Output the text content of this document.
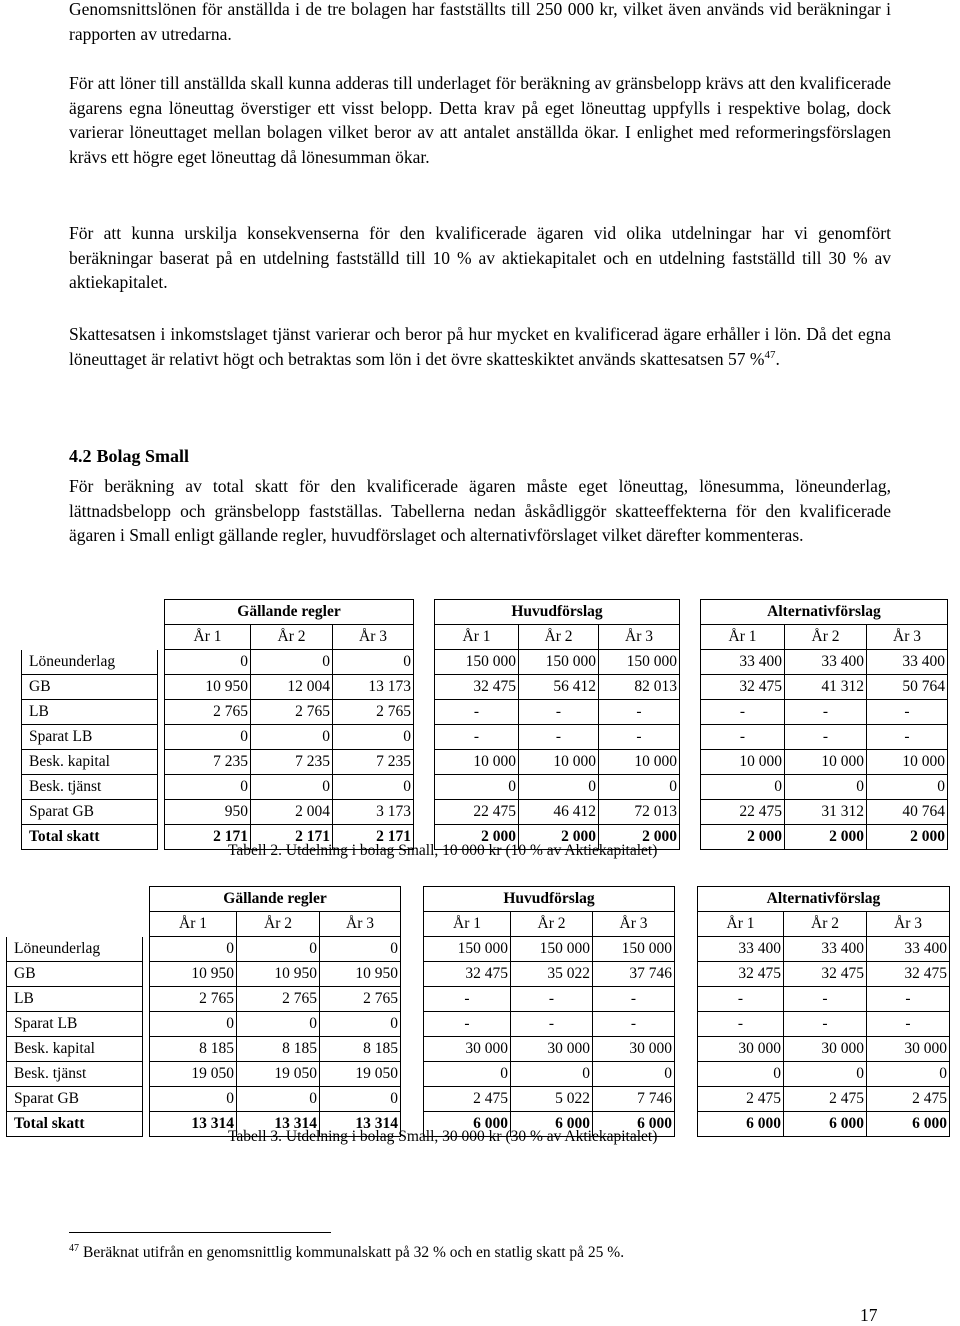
Genomsnittslönen för anställda i de tre bolagen har fastställts till 250 000 kr, vilket även används vid beräkningar i rapporten av utredarna.

För att löner till anställda skall kunna adderas till underlaget för beräkning av gränsbelopp krävs att den kvalificerade ägarens egna löneuttag överstiger ett visst belopp. Detta krav på eget löneuttag uppfylls i respektive bolag, dock varierar löneuttaget mellan bolagen vilket beror av att antalet anställda ökar. I enlighet med reformeringsförslagen krävs ett högre eget löneuttag då lönesumman ökar.

För att kunna urskilja konsekvenserna för den kvalificerade ägaren vid olika utdelningar har vi genomfört beräkningar baserat på en utdelning fastställd till 10 % av aktiekapitalet och en utdelning fastställd till 30 % av aktiekapitalet.

Skattesatsen i inkomstslaget tjänst varierar och beror på hur mycket en kvalificerad ägare erhåller i lön. Då det egna löneuttaget är relativt högt och betraktas som lön i det övre skatteskiktet används skattesatsen 57 %$^{47}$.

4.2 Bolag Small

För beräkning av total skatt för den kvalificerade ägaren måste eget löneuttag, lönesumma, löneunderlag, lättnadsbelopp och gränsbelopp fastställas. Tabellerna nedan åskådliggör skatteeffekterna för den kvalificerade ägaren i Small enligt gällande regler, huvudförslaget och alternativförslaget vilket därefter kommenteras.

		Gällande regler				Huvudförslag				Alternativförslag		
		År 1	År 2	År 3		År 1	År 2	År 3		År 1	År 2	År 3
Löneunderlag		0	0	0		150 000	150 000	150 000		33 400	33 400	33 400
GB		10 950	12 004	13 173		32 475	56 412	82 013		32 475	41 312	50 764
LB		2 765	2 765	2 765		-	-	-		-	-	-
Sparat LB		0	0	0		-	-	-		-	-	-
Besk. kapital		7 235	7 235	7 235		10 000	10 000	10 000		10 000	10 000	10 000
Besk. tjänst		0	0	0		0	0	0		0	0	0
Sparat GB		950	2 004	3 173		22 475	46 412	72 013		22 475	31 312	40 764
Total skatt		2 171	2 171	2 171		2 000	2 000	2 000		2 000	2 000	2 000
Tabell 2. Utdelning i bolag Small, 10 000 kr (10 % av Aktiekapitalet)
		Gällande regler				Huvudförslag				Alternativförslag		
		År 1	År 2	År 3		År 1	År 2	År 3		År 1	År 2	År 3
Löneunderlag		0	0	0		150 000	150 000	150 000		33 400	33 400	33 400
GB		10 950	10 950	10 950		32 475	35 022	37 746		32 475	32 475	32 475
LB		2 765	2 765	2 765		-	-	-		-	-	-
Sparat LB		0	0	0		-	-	-		-	-	-
Besk. kapital		8 185	8 185	8 185		30 000	30 000	30 000		30 000	30 000	30 000
Besk. tjänst		19 050	19 050	19 050		0	0	0		0	0	0
Sparat GB		0	0	0		2 475	5 022	7 746		2 475	2 475	2 475
Total skatt		13 314	13 314	13 314		6 000	6 000	6 000		6 000	6 000	6 000
Tabell 3. Utdelning i bolag Small, 30 000 kr (30 % av Aktiekapitalet)
$^{47}$ Beräknat utifrån en genomsnittlig kommunalskatt på 32 % och en statlig skatt på 25 %.
17
